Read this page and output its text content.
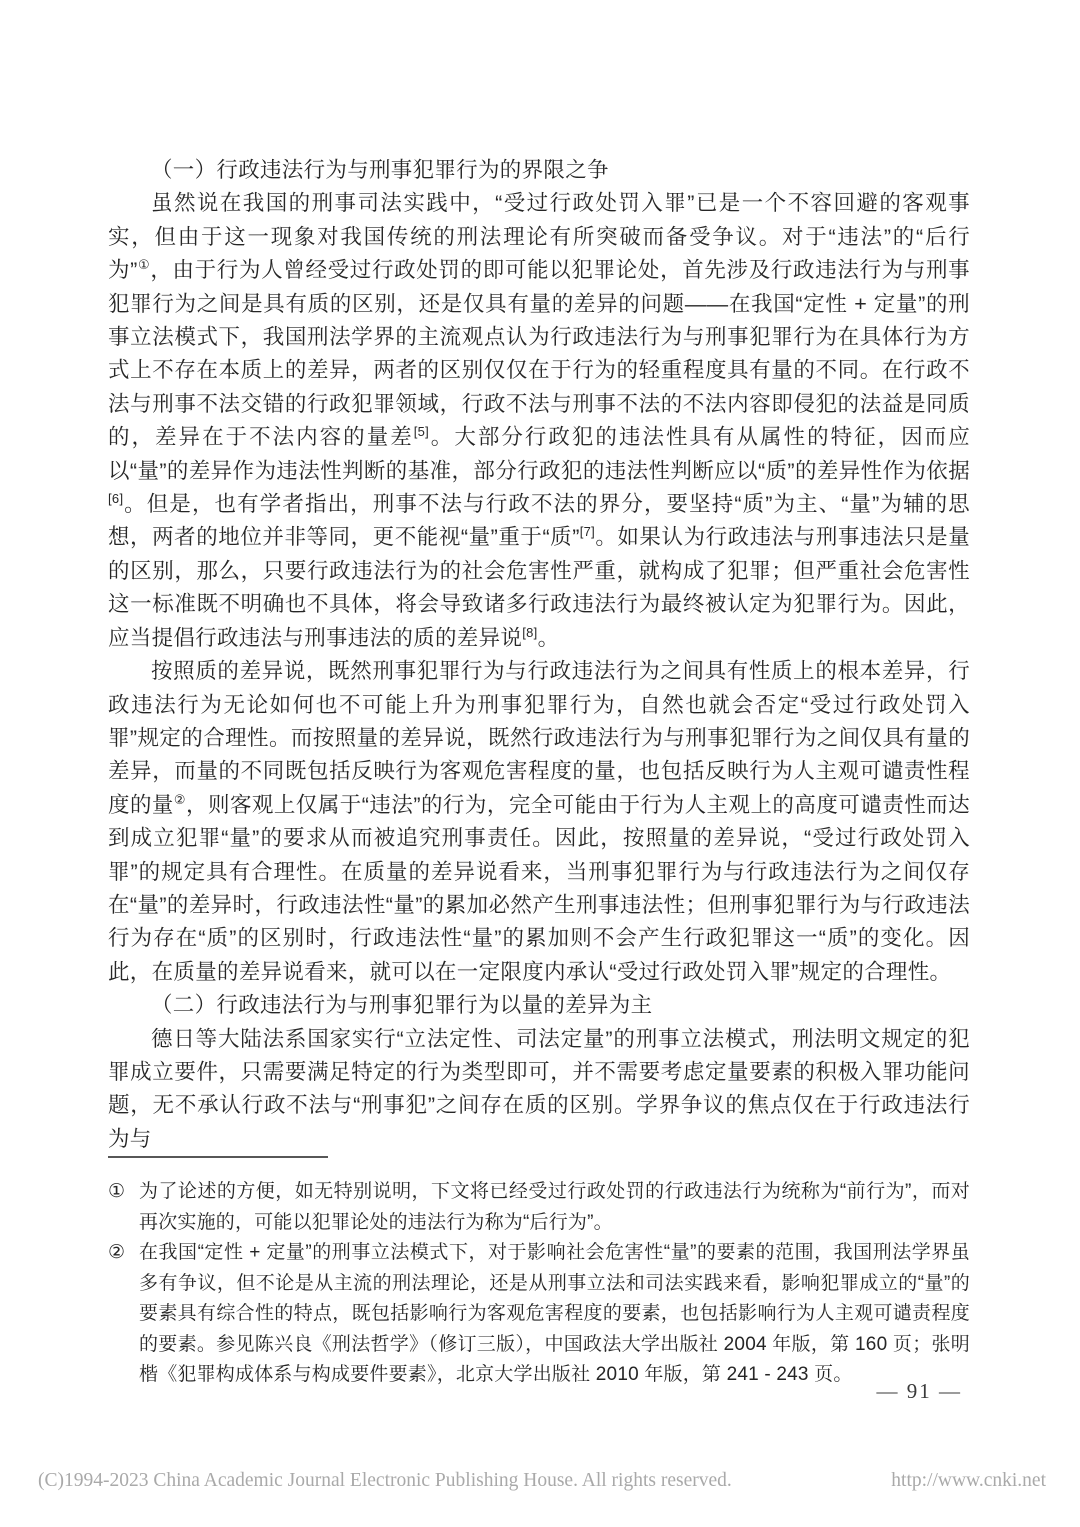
（一）行政违法行为与刑事犯罪行为的界限之争

虽然说在我国的刑事司法实践中，“受过行政处罚入罪”已是一个不容回避的客观事实，但由于这一现象对我国传统的刑法理论有所突破而备受争议。对于“违法”的“后行为”①，由于行为人曾经受过行政处罚的即可能以犯罪论处，首先涉及行政违法行为与刑事犯罪行为之间是具有质的区别，还是仅具有量的差异的问题——在我国“定性 + 定量”的刑事立法模式下，我国刑法学界的主流观点认为行政违法行为与刑事犯罪行为在具体行为方式上不存在本质上的差异，两者的区别仅仅在于行为的轻重程度具有量的不同。在行政不法与刑事不法交错的行政犯罪领域，行政不法与刑事不法的不法内容即侵犯的法益是同质的，差异在于不法内容的量差[5]。大部分行政犯的违法性具有从属性的特征，因而应以“量”的差异作为违法性判断的基准，部分行政犯的违法性判断应以“质”的差异性作为依据[6]。但是，也有学者指出，刑事不法与行政不法的界分，要坚持“质”为主、“量”为辅的思想，两者的地位并非等同，更不能视“量”重于“质”[7]。如果认为行政违法与刑事违法只是量的区别，那么，只要行政违法行为的社会危害性严重，就构成了犯罪；但严重社会危害性这一标准既不明确也不具体，将会导致诸多行政违法行为最终被认定为犯罪行为。因此，应当提倡行政违法与刑事违法的质的差异说[8]。

按照质的差异说，既然刑事犯罪行为与行政违法行为之间具有性质上的根本差异，行政违法行为无论如何也不可能上升为刑事犯罪行为，自然也就会否定“受过行政处罚入罪”规定的合理性。而按照量的差异说，既然行政违法行为与刑事犯罪行为之间仅具有量的差异，而量的不同既包括反映行为客观危害程度的量，也包括反映行为人主观可谴责性程度的量②，则客观上仅属于“违法”的行为，完全可能由于行为人主观上的高度可谴责性而达到成立犯罪“量”的要求从而被追究刑事责任。因此，按照量的差异说，“受过行政处罚入罪”的规定具有合理性。在质量的差异说看来，当刑事犯罪行为与行政违法行为之间仅存在“量”的差异时，行政违法性“量”的累加必然产生刑事违法性；但刑事犯罪行为与行政违法行为存在“质”的区别时，行政违法性“量”的累加则不会产生行政犯罪这一“质”的变化。因此，在质量的差异说看来，就可以在一定限度内承认“受过行政处罚入罪”规定的合理性。

（二）行政违法行为与刑事犯罪行为以量的差异为主

德日等大陆法系国家实行“立法定性、司法定量”的刑事立法模式，刑法明文规定的犯罪成立要件，只需要满足特定的行为类型即可，并不需要考虑定量要素的积极入罪功能问题，无不承认行政不法与“刑事犯”之间存在质的区别。学界争议的焦点仅在于行政违法行为与

① 为了论述的方便，如无特别说明，下文将已经受过行政处罚的行政违法行为统称为“前行为”，而对再次实施的，可能以犯罪论处的违法行为称为“后行为”。
② 在我国“定性 + 定量”的刑事立法模式下，对于影响社会危害性“量”的要素的范围，我国刑法学界虽多有争议，但不论是从主流的刑法理论，还是从刑事立法和司法实践来看，影响犯罪成立的“量”的要素具有综合性的特点，既包括影响行为客观危害程度的要素，也包括影响行为人主观可谴责程度的要素。参见陈兴良《刑法哲学》（修订三版），中国政法大学出版社 2004 年版，第 160 页；张明楷《犯罪构成体系与构成要件要素》，北京大学出版社 2010 年版，第 241 - 243 页。
— 91 —
(C)1994-2023 China Academic Journal Electronic Publishing House. All rights reserved.	http://www.cnki.net
